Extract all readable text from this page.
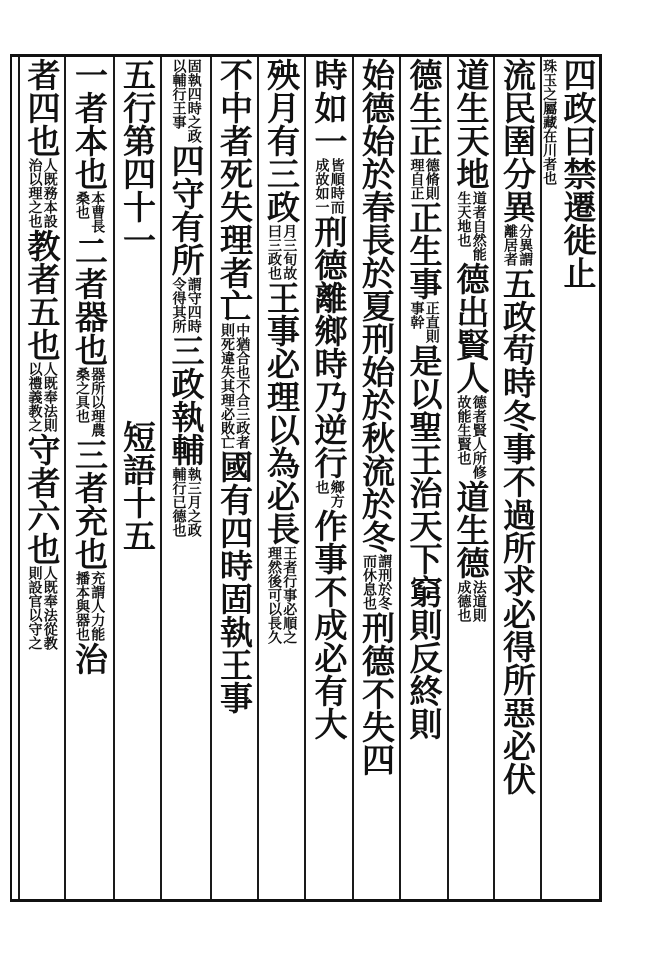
珠玉之屬藏在川者也 四政曰禁遷徙止
流民圉分異
分異謂
離居者
五政苟時冬事不過所求必得所惡必伏
道生天地
道者自然能
生天地也
德出賢人
德者賢人所修
故能生賢也
道生德
法道則
成德也
德生正
德脩則
理自正
正生事
正直則
事幹
是以聖王治天下窮則反終則
始德始於春長於夏刑始於秋流於冬
謂刑於冬
而休息也
刑德不失四
時如一
皆順時而
成故如一
刑德離鄉時乃逆行
鄉方
也
作事不成必有大
殃月有三政
月三旬故
曰三政也
王事必理以為必長
王者行事必順之
理然後可以長久
不中者死失理者亡
中猶合也不合三政者
則死違失其理必敗亡
國有四時固執王事
固執四時之政
以輔行王事
四守有所
謂守四時
令得其所
三政執輔
執三月之政
輔行已德也
五行第四十一
短語十五
一者本也
本曹長
桑也
二者器也
器所以理農
桑之具也
三者充也
充謂人力能
播本與器也
治
者四也
人既務本設
治以理之也
教者五也
人既奉法則
以禮義教之
守者六也
人既奉法從教
則設官以守之
